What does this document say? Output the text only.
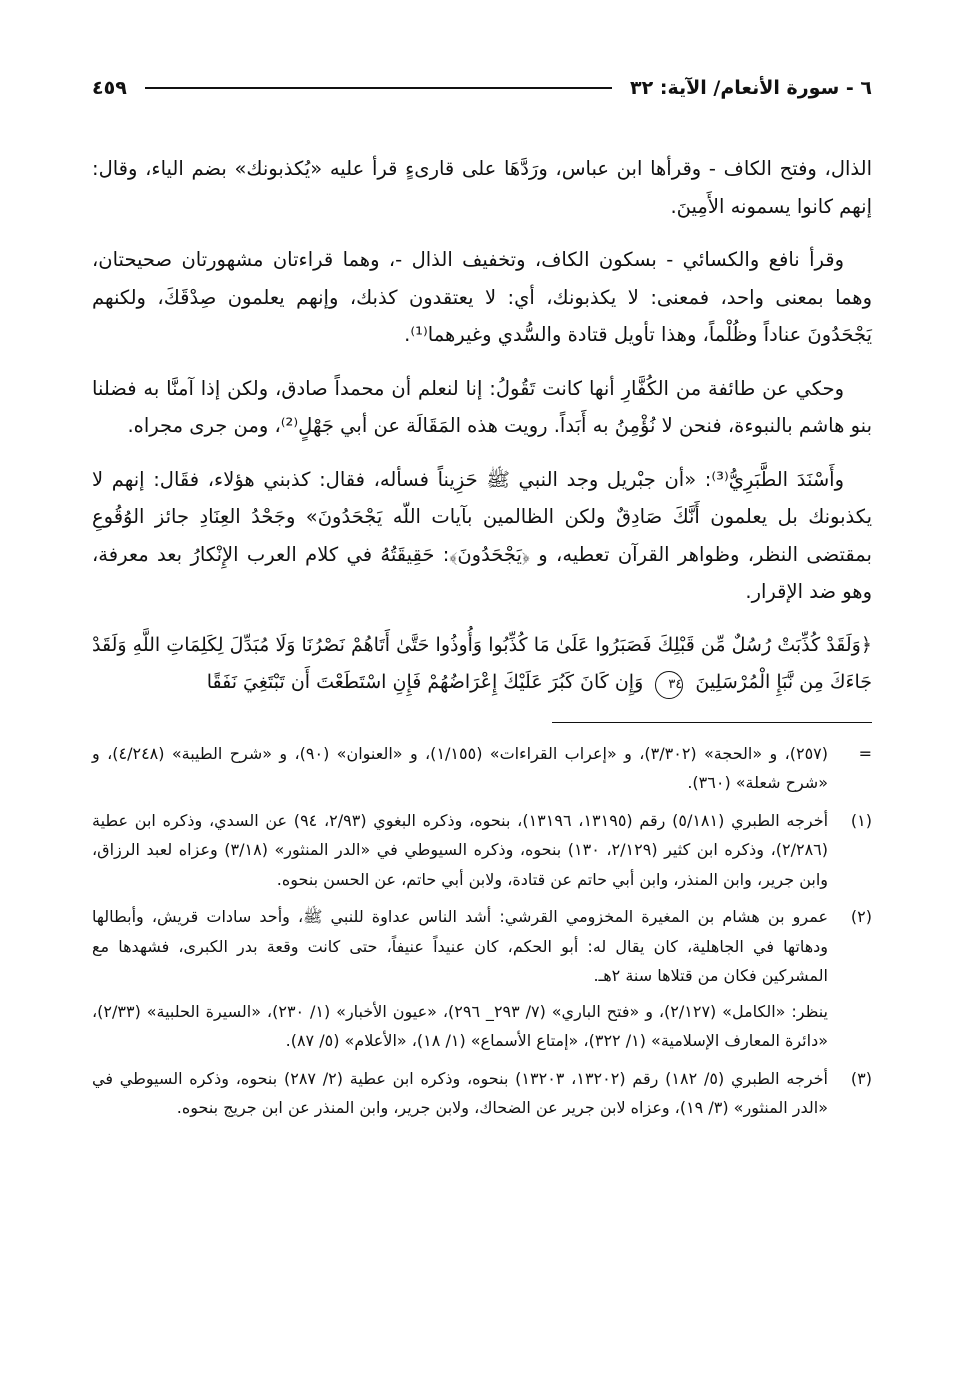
٦ - سورة الأنعام/ الآية: ٣٢
٤٥٩

الذال، وفتح الكاف - وقرأها ابن عباس، ورَدَّهَا على قارىءٍ قرأ عليه «يُكذبونك» بضم الياء، وقال: إنهم كانوا يسمونه الأَمِينَ.

وقرأ نافع والكسائي - بسكون الكاف، وتخفيف الذال -، وهما قراءتان مشهورتان صحيحتان، وهما بمعنى واحد، فمعنى: لا يكذبونك، أي: لا يعتقدون كذبك، وإنهم يعلمون صِدْقَكَ، ولكنهم يَجْحَدُونَ عناداً وظُلْماً، وهذا تأويل قتادة والسُّدي وغيرهما⁽¹⁾.

وحكي عن طائفة من الكُفَّارِ أنها كانت تَقُولُ: إنا لنعلم أن محمداً صادق، ولكن إذا آمنَّا به فضلنا بنو هاشم بالنبوءة، فنحن لا نُؤْمِنُ به أَبَداً. رويت هذه المَقَالَة عن أبي جَهْلٍ⁽²⁾، ومن جرى مجراه.

وأَسْنَدَ الطَّبَرِيُّ⁽³⁾: «أن جبْريل وجد النبي ﷺ حَزِيناً فسأله، فقال: كذبني هؤلاء، فقَال: إنهم لا يكذبونك بل يعلمون أَنَّكَ صَادِقٌ ولكن الظالمين بآيات اللّه يَجْحَدُونَ» وجَحْدُ العِنَادِ جائز الوُقُوعِ بمقتضى النظر، وظواهر القرآن تعطيه، و ﴿يَجْحَدُونَ﴾: حَقِيقَتُهُ في كلام العرب الإِنْكارُ بعد معرفة، وهو ضد الإقرار.

﴿وَلَقَدْ كُذِّبَتْ رُسُلٌ مِّن قَبْلِكَ فَصَبَرُوا عَلَىٰ مَا كُذِّبُوا وَأُوذُوا حَتَّىٰ أَتَاهُمْ نَصْرُنَا وَلَا مُبَدِّلَ لِكَلِمَاتِ اللَّهِ وَلَقَدْ جَاءَكَ مِن نَّبَإِ الْمُرْسَلِينَ ٣٤ وَإِن كَانَ كَبُرَ عَلَيْكَ إِعْرَاضُهُمْ فَإِنِ اسْتَطَعْتَ أَن تَبْتَغِيَ نَفَقًا

=
(٢٥٧)، و «الحجة» (٣/٣٠٢)، و «إعراب القراءات» (١/١٥٥)، و «العنوان» (٩٠)، و «شرح الطيبة» (٤/٢٤٨)، و «شرح شعلة» (٣٦٠).
(١)
أخرجه الطبري (٥/١٨١) رقم (١٣١٩٥، ١٣١٩٦)، بنحوه، وذكره البغوي (٢/٩٣، ٩٤) عن السدي، وذكره ابن عطية (٢/٢٨٦)، وذكره ابن كثير (٢/١٢٩، ١٣٠) بنحوه، وذكره السيوطي في «الدر المنثور» (٣/١٨) وعزاه لعبد الرزاق، وابن جرير، وابن المنذر، وابن أبي حاتم عن قتادة، ولابن أبي حاتم، عن الحسن بنحوه.
(٢)
عمرو بن هشام بن المغيرة المخزومي القرشي: أشد الناس عداوة للنبي ﷺ، وأحد سادات قريش، وأبطالها ودهاتها في الجاهلية، كان يقال له: أبو الحكم، كان عنيداً عنيفاً، حتى كانت وقعة بدر الكبرى، فشهدها مع المشركين فكان من قتلاها سنة ٢هـ.
ينظر: «الكامل» (٢/١٢٧)، و «فتح الباري» (٧/ ٢٩٣_ ٢٩٦)، «عيون الأخبار» (١/ ٢٣٠)، «السيرة الحلبية» (٢/٣٣)، «دائرة المعارف الإسلامية» (١/ ٣٢٢)، «إمتاع الأسماع» (١/ ١٨)، «الأعلام» (٥/ ٨٧).
(٣)
أخرجه الطبري (٥/ ١٨٢) رقم (١٣٢٠٢، ١٣٢٠٣) بنحوه، وذكره ابن عطية (٢/ ٢٨٧) بنحوه، وذكره السيوطي في «الدر المنثور» (٣/ ١٩)، وعزاه لابن جرير عن الضحاك، ولابن جرير، وابن المنذر عن ابن جريج بنحوه.
